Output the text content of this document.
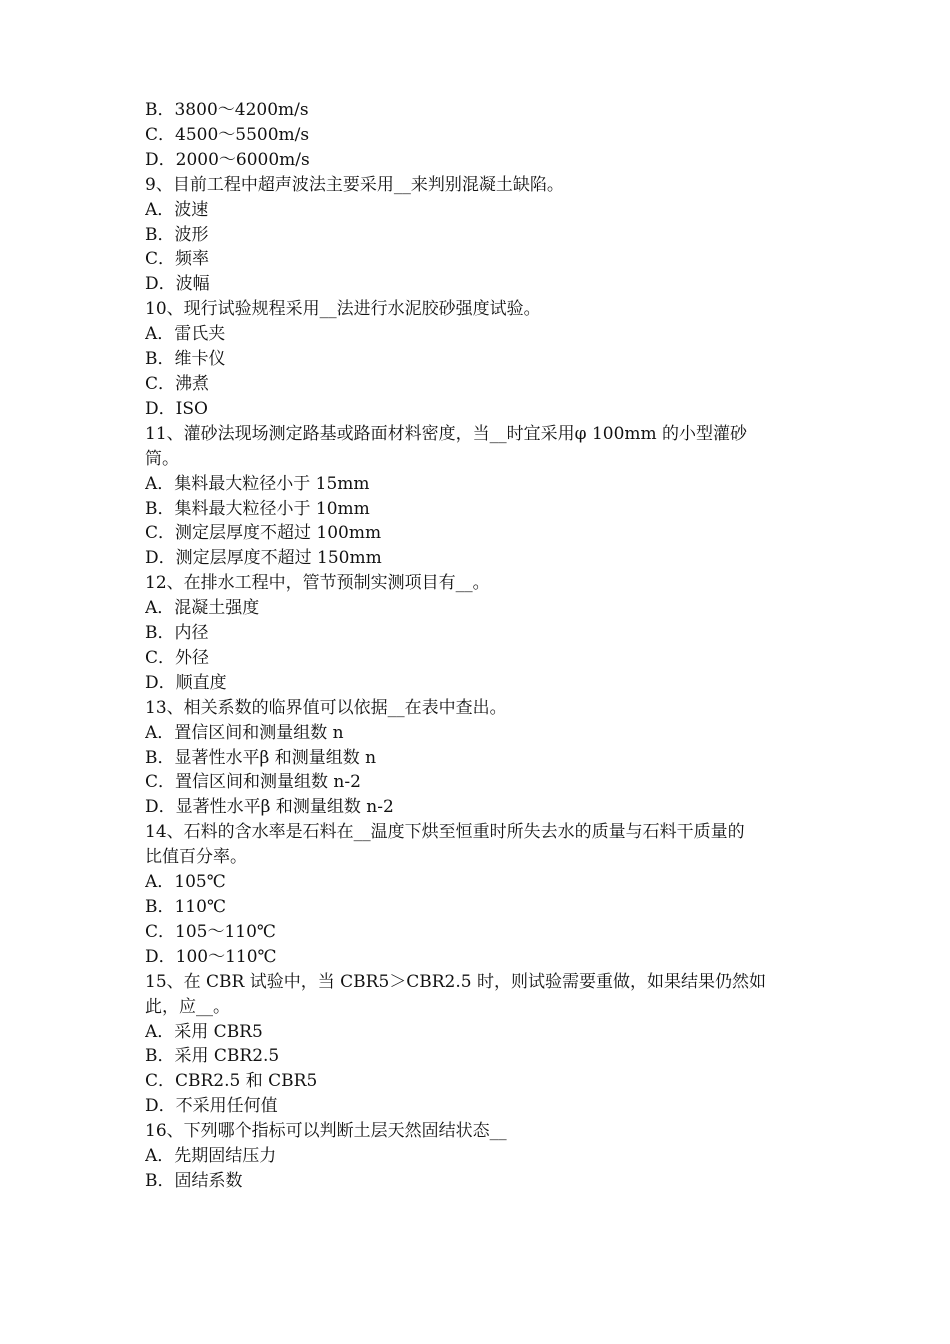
B．3800～4200m/s
C．4500～5500m/s
D．2000～6000m/s
9、目前工程中超声波法主要采用__来判别混凝土缺陷。
A．波速
B．波形
C．频率
D．波幅
10、现行试验规程采用__法进行水泥胶砂强度试验。
A．雷氏夹
B．维卡仪
C．沸煮
D．ISO
11、灌砂法现场测定路基或路面材料密度，当__时宜采用φ 100mm 的小型灌砂
筒。
A．集料最大粒径小于 15mm
B．集料最大粒径小于 10mm
C．测定层厚度不超过 100mm
D．测定层厚度不超过 150mm
12、在排水工程中，管节预制实测项目有__。
A．混凝土强度
B．内径
C．外径
D．顺直度
13、相关系数的临界值可以依据__在表中查出。
A．置信区间和测量组数 n
B．显著性水平β 和测量组数 n
C．置信区间和测量组数 n-2
D．显著性水平β 和测量组数 n-2
14、石料的含水率是石料在__温度下烘至恒重时所失去水的质量与石料干质量的
比值百分率。
A．105℃
B．110℃
C．105～110℃
D．100～110℃
15、在 CBR 试验中，当 CBR5＞CBR2.5 时，则试验需要重做，如果结果仍然如
此，应__。
A．采用 CBR5
B．采用 CBR2.5
C．CBR2.5 和 CBR5
D．不采用任何值
16、下列哪个指标可以判断土层天然固结状态__
A．先期固结压力
B．固结系数
